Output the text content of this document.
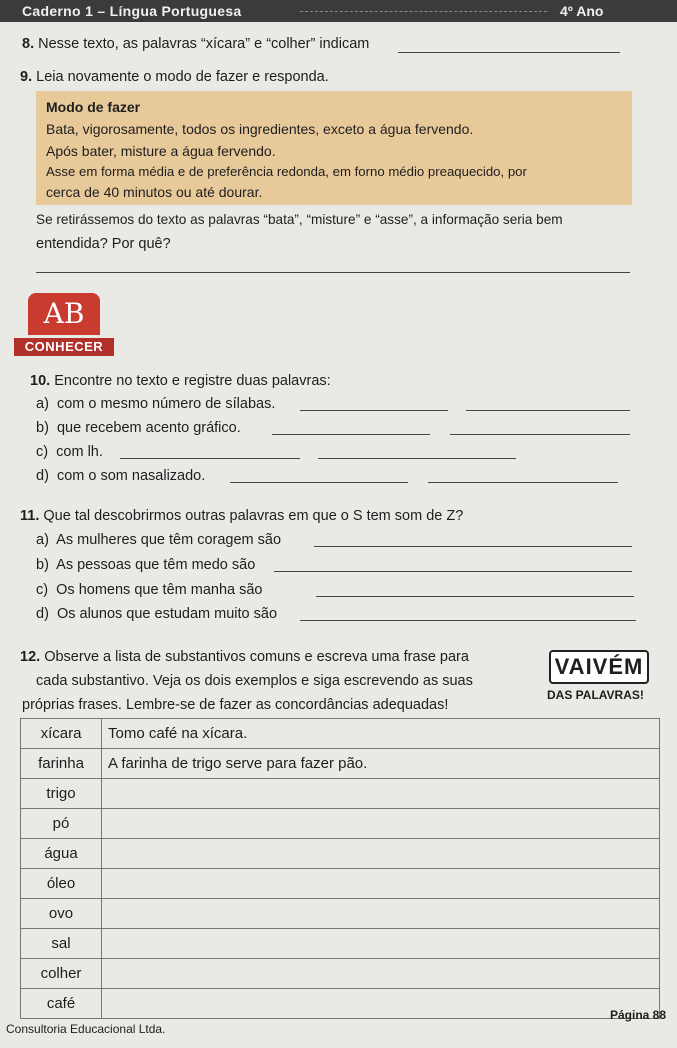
Caderno 1 – Língua Portuguesa	4º Ano
8. Nesse texto, as palavras “xícara” e “colher” indicam
9. Leia novamente o modo de fazer e responda.
Modo de fazer
Bata, vigorosamente, todos os ingredientes, exceto a água fervendo.
Após bater, misture a água fervendo.
Asse em forma média e de preferência redonda, em forno médio preaquecido, por
cerca de 40 minutos ou até dourar.
Se retirássemos do texto as palavras “bata”, “misture” e “asse”, a informação seria bem
entendida? Por quê?
AB
CONHECER
10. Encontre no texto e registre duas palavras:
a) com o mesmo número de sílabas.
b) que recebem acento gráfico.
c) com lh.
d) com o som nasalizado.
11. Que tal descobrirmos outras palavras em que o S tem som de Z?
a) As mulheres que têm coragem são
b) As pessoas que têm medo são
c) Os homens que têm manha são
d) Os alunos que estudam muito são
12. Observe a lista de substantivos comuns e escreva uma frase para
cada substantivo. Veja os dois exemplos e siga escrevendo as suas
próprias frases. Lembre-se de fazer as concordâncias adequadas!
VAIVÉM
DAS PALAVRAS!
xícara	Tomo café na xícara.
farinha	A farinha de trigo serve para fazer pão.
trigo	
pó	
água	
óleo	
ovo	
sal	
colher	
café	
Consultoria Educacional Ltda.
Página 88
